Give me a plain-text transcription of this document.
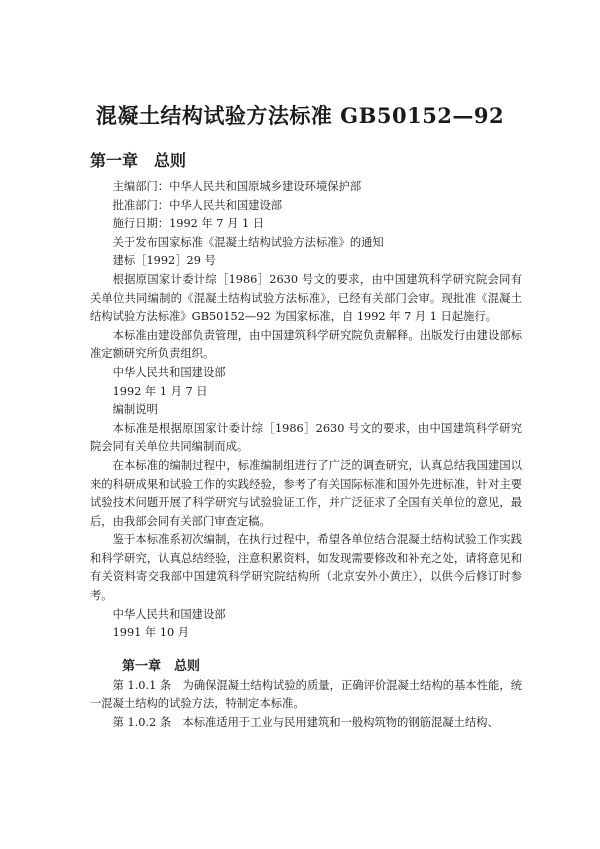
混凝土结构试验方法标准 GB50152—92
第一章　总则

主编部门：中华人民共和国原城乡建设环境保护部

批准部门：中华人民共和国建设部

施行日期：1992 年 7 月 1 日

关于发布国家标准《混凝土结构试验方法标准》的通知

建标［1992］29 号

根据原国家计委计综［1986］2630 号文的要求，由中国建筑科学研究院会同有关单位共同编制的《混凝土结构试验方法标准》，已经有关部门会审。现批准《混凝土结构试验方法标准》GB50152—92 为国家标准，自 1992 年 7 月 1 日起施行。

本标准由建设部负责管理，由中国建筑科学研究院负责解释。出版发行由建设部标准定额研究所负责组织。

中华人民共和国建设部

1992 年 1 月 7 日

编制说明

本标准是根据原国家计委计综［1986］2630 号文的要求，由中国建筑科学研究院会同有关单位共同编制而成。

在本标准的编制过程中，标准编制组进行了广泛的调查研究，认真总结我国建国以来的科研成果和试验工作的实践经验，参考了有关国际标准和国外先进标准，针对主要试验技术问题开展了科学研究与试验验证工作，并广泛征求了全国有关单位的意见，最后，由我部会同有关部门审查定稿。

鉴于本标准系初次编制，在执行过程中，希望各单位结合混凝土结构试验工作实践和科学研究，认真总结经验，注意积累资料，如发现需要修改和补充之处，请将意见和有关资料寄交我部中国建筑科学研究院结构所（北京安外小黄庄），以供今后修订时参考。

中华人民共和国建设部

1991 年 10 月

第一章　总则

第 1.0.1 条　为确保混凝土结构试验的质量，正确评价混凝土结构的基本性能，统一混凝土结构的试验方法，特制定本标准。

第 1.0.2 条　本标准适用于工业与民用建筑和一般构筑物的钢筋混凝土结构、
